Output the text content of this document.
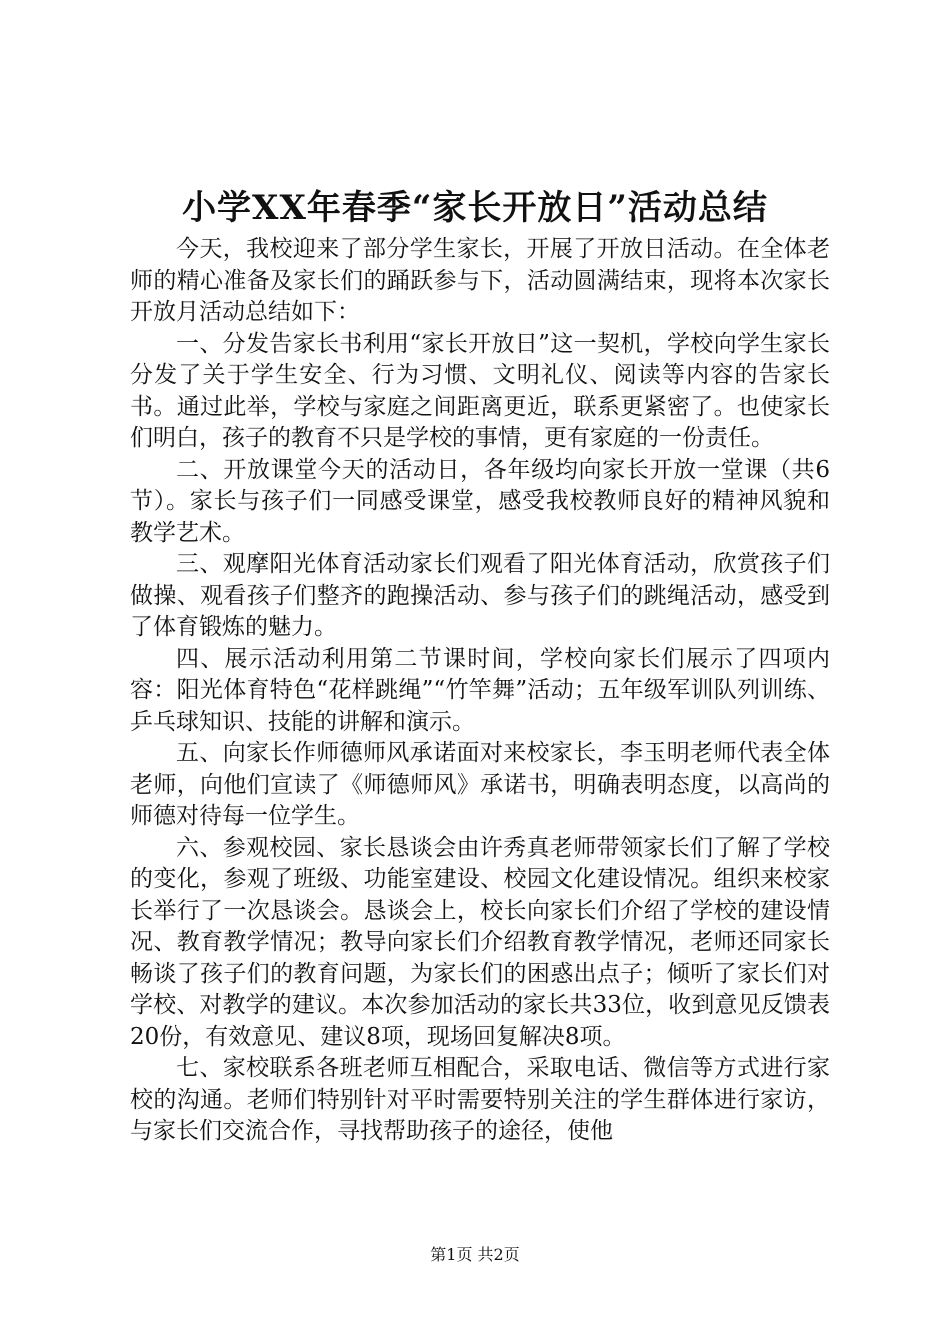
小学XX年春季“家长开放日”活动总结

今天，我校迎来了部分学生家长，开展了开放日活动。在全体老师的精心准备及家长们的踊跃参与下，活动圆满结束，现将本次家长开放月活动总结如下：

一、分发告家长书利用“家长开放日”这一契机，学校向学生家长分发了关于学生安全、行为习惯、文明礼仪、阅读等内容的告家长书。通过此举，学校与家庭之间距离更近，联系更紧密了。也使家长们明白，孩子的教育不只是学校的事情，更有家庭的一份责任。

二、开放课堂今天的活动日，各年级均向家长开放一堂课（共6节）。家长与孩子们一同感受课堂，感受我校教师良好的精神风貌和教学艺术。

三、观摩阳光体育活动家长们观看了阳光体育活动，欣赏孩子们做操、观看孩子们整齐的跑操活动、参与孩子们的跳绳活动，感受到了体育锻炼的魅力。

四、展示活动利用第二节课时间，学校向家长们展示了四项内容：阳光体育特色“花样跳绳”“竹竿舞”活动；五年级军训队列训练、乒乓球知识、技能的讲解和演示。

五、向家长作师德师风承诺面对来校家长，李玉明老师代表全体老师，向他们宣读了《师德师风》承诺书，明确表明态度，以高尚的师德对待每一位学生。

六、参观校园、家长恳谈会由许秀真老师带领家长们了解了学校的变化，参观了班级、功能室建设、校园文化建设情况。组织来校家长举行了一次恳谈会。恳谈会上，校长向家长们介绍了学校的建设情况、教育教学情况；教导向家长们介绍教育教学情况，老师还同家长畅谈了孩子们的教育问题，为家长们的困惑出点子；倾听了家长们对学校、对教学的建议。本次参加活动的家长共33位，收到意见反馈表20份，有效意见、建议8项，现场回复解决8项。

七、家校联系各班老师互相配合，采取电话、微信等方式进行家校的沟通。老师们特别针对平时需要特别关注的学生群体进行家访，与家长们交流合作，寻找帮助孩子的途径，使他

第1页 共2页
